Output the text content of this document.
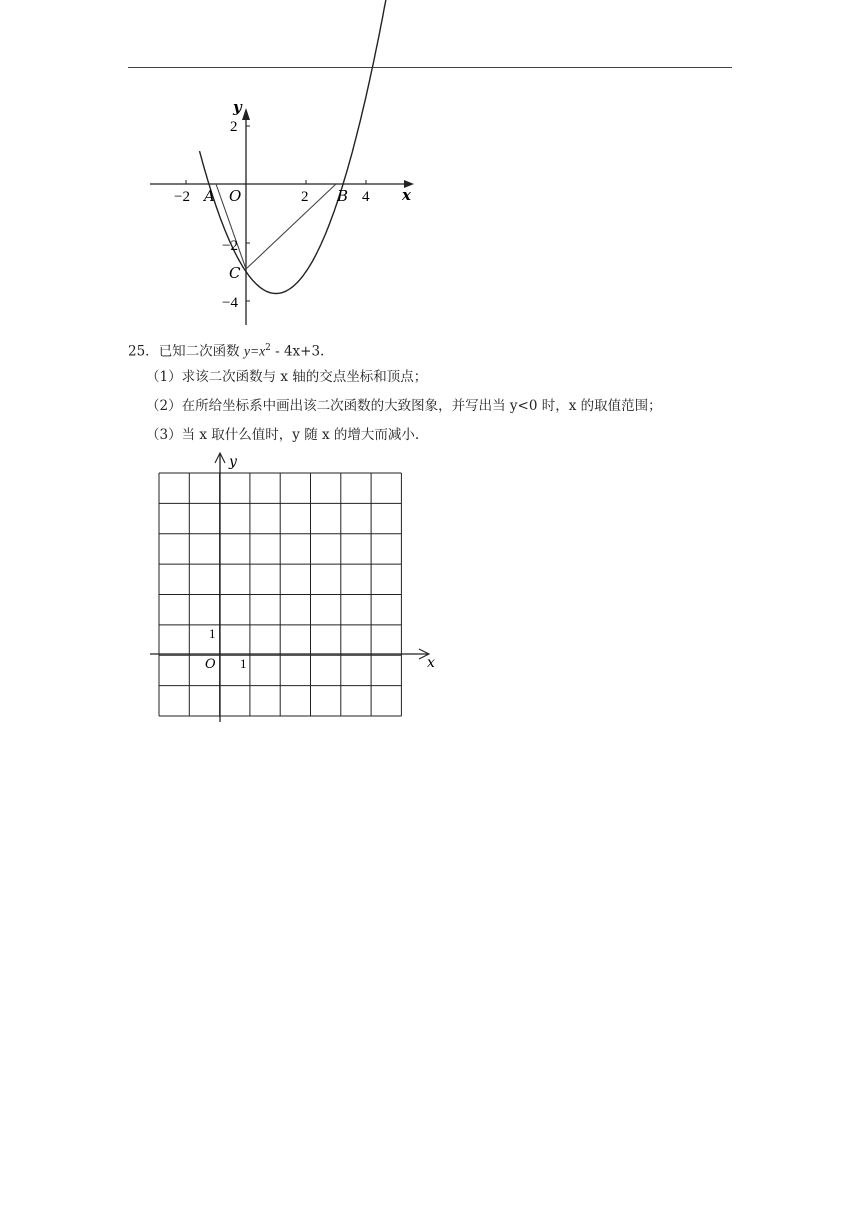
y
x
2
−2
−4
−2	2	4
A O	B
C
25．已知二次函数 $y=x^2 - 4x+3$.
（1）求该二次函数与 x 轴的交点坐标和顶点；
（2）在所给坐标系中画出该二次函数的大致图象，并写出当 y<0 时，x 的取值范围；
（3）当 x 取什么值时，y 随 x 的增大而减小.
y
x
O
1
1
